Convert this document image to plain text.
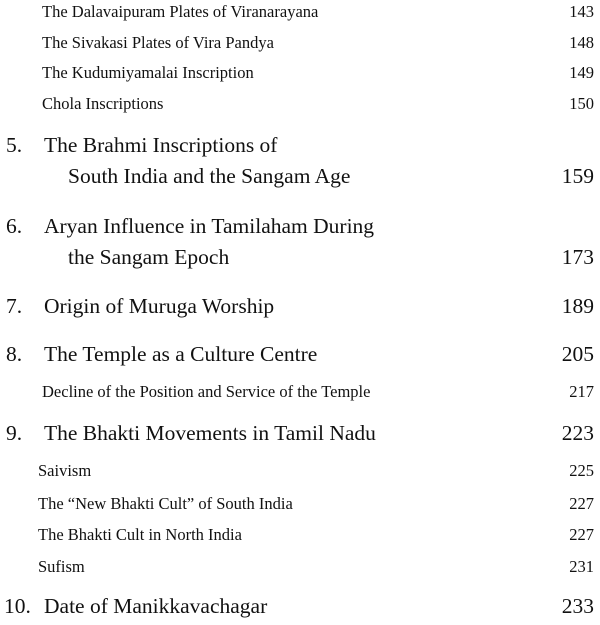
The Dalavaipuram Plates of Viranarayana	143
The Sivakasi Plates of Vira Pandya	148
The Kudumiyamalai Inscription	149
Chola Inscriptions	150
5. The Brahmi Inscriptions of
South India and the Sangam Age	159
6. Aryan Influence in Tamilaham During
the Sangam Epoch	173
7. Origin of Muruga Worship	189
8. The Temple as a Culture Centre	205
Decline of the Position and Service of the Temple	217
9. The Bhakti Movements in Tamil Nadu	223
Saivism	225
The “New Bhakti Cult” of South India	227
The Bhakti Cult in North India	227
Sufism	231
10. Date of Manikkavachagar	233
